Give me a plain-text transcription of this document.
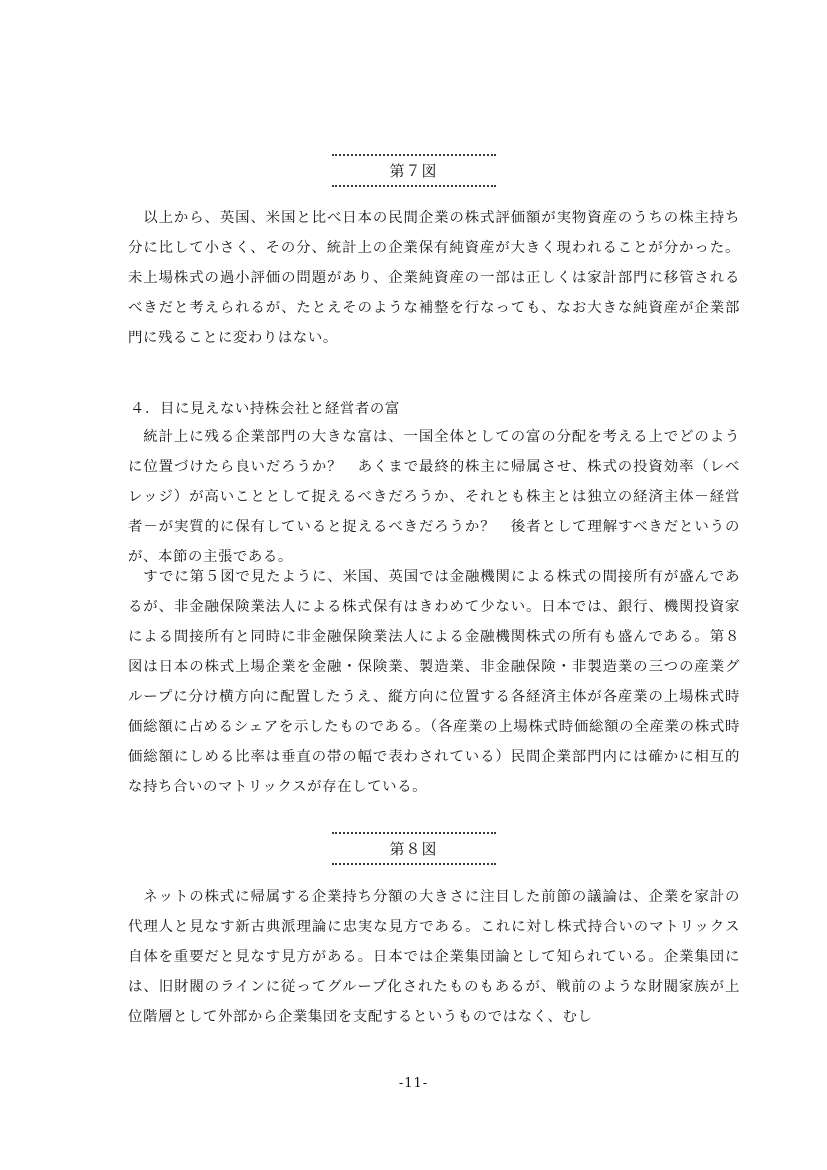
第７図

　以上から、英国、米国と比べ日本の民間企業の株式評価額が実物資産のうちの株主持ち分に比して小さく、その分、統計上の企業保有純資産が大きく現われることが分かった。未上場株式の過小評価の問題があり、企業純資産の一部は正しくは家計部門に移管されるべきだと考えられるが、たとえそのような補整を行なっても、なお大きな純資産が企業部門に残ることに変わりはない。

４．目に見えない持株会社と経営者の富

　統計上に残る企業部門の大きな富は、一国全体としての富の分配を考える上でどのように位置づけたら良いだろうか？　あくまで最終的株主に帰属させ、株式の投資効率（レベレッジ）が高いこととして捉えるべきだろうか、それとも株主とは独立の経済主体－経営者－が実質的に保有していると捉えるべきだろうか？　後者として理解すべきだというのが、本節の主張である。

　すでに第５図で見たように、米国、英国では金融機関による株式の間接所有が盛んであるが、非金融保険業法人による株式保有はきわめて少ない。日本では、銀行、機関投資家による間接所有と同時に非金融保険業法人による金融機関株式の所有も盛んである。第８図は日本の株式上場企業を金融・保険業、製造業、非金融保険・非製造業の三つの産業グループに分け横方向に配置したうえ、縦方向に位置する各経済主体が各産業の上場株式時価総額に占めるシェアを示したものである。（各産業の上場株式時価総額の全産業の株式時価総額にしめる比率は垂直の帯の幅で表わされている）民間企業部門内には確かに相互的な持ち合いのマトリックスが存在している。

第８図

　ネットの株式に帰属する企業持ち分額の大きさに注目した前節の議論は、企業を家計の代理人と見なす新古典派理論に忠実な見方である。これに対し株式持合いのマトリックス自体を重要だと見なす見方がある。日本では企業集団論として知られている。企業集団には、旧財閥のラインに従ってグループ化されたものもあるが、戦前のような財閥家族が上位階層として外部から企業集団を支配するというものではなく、むし

-11-
